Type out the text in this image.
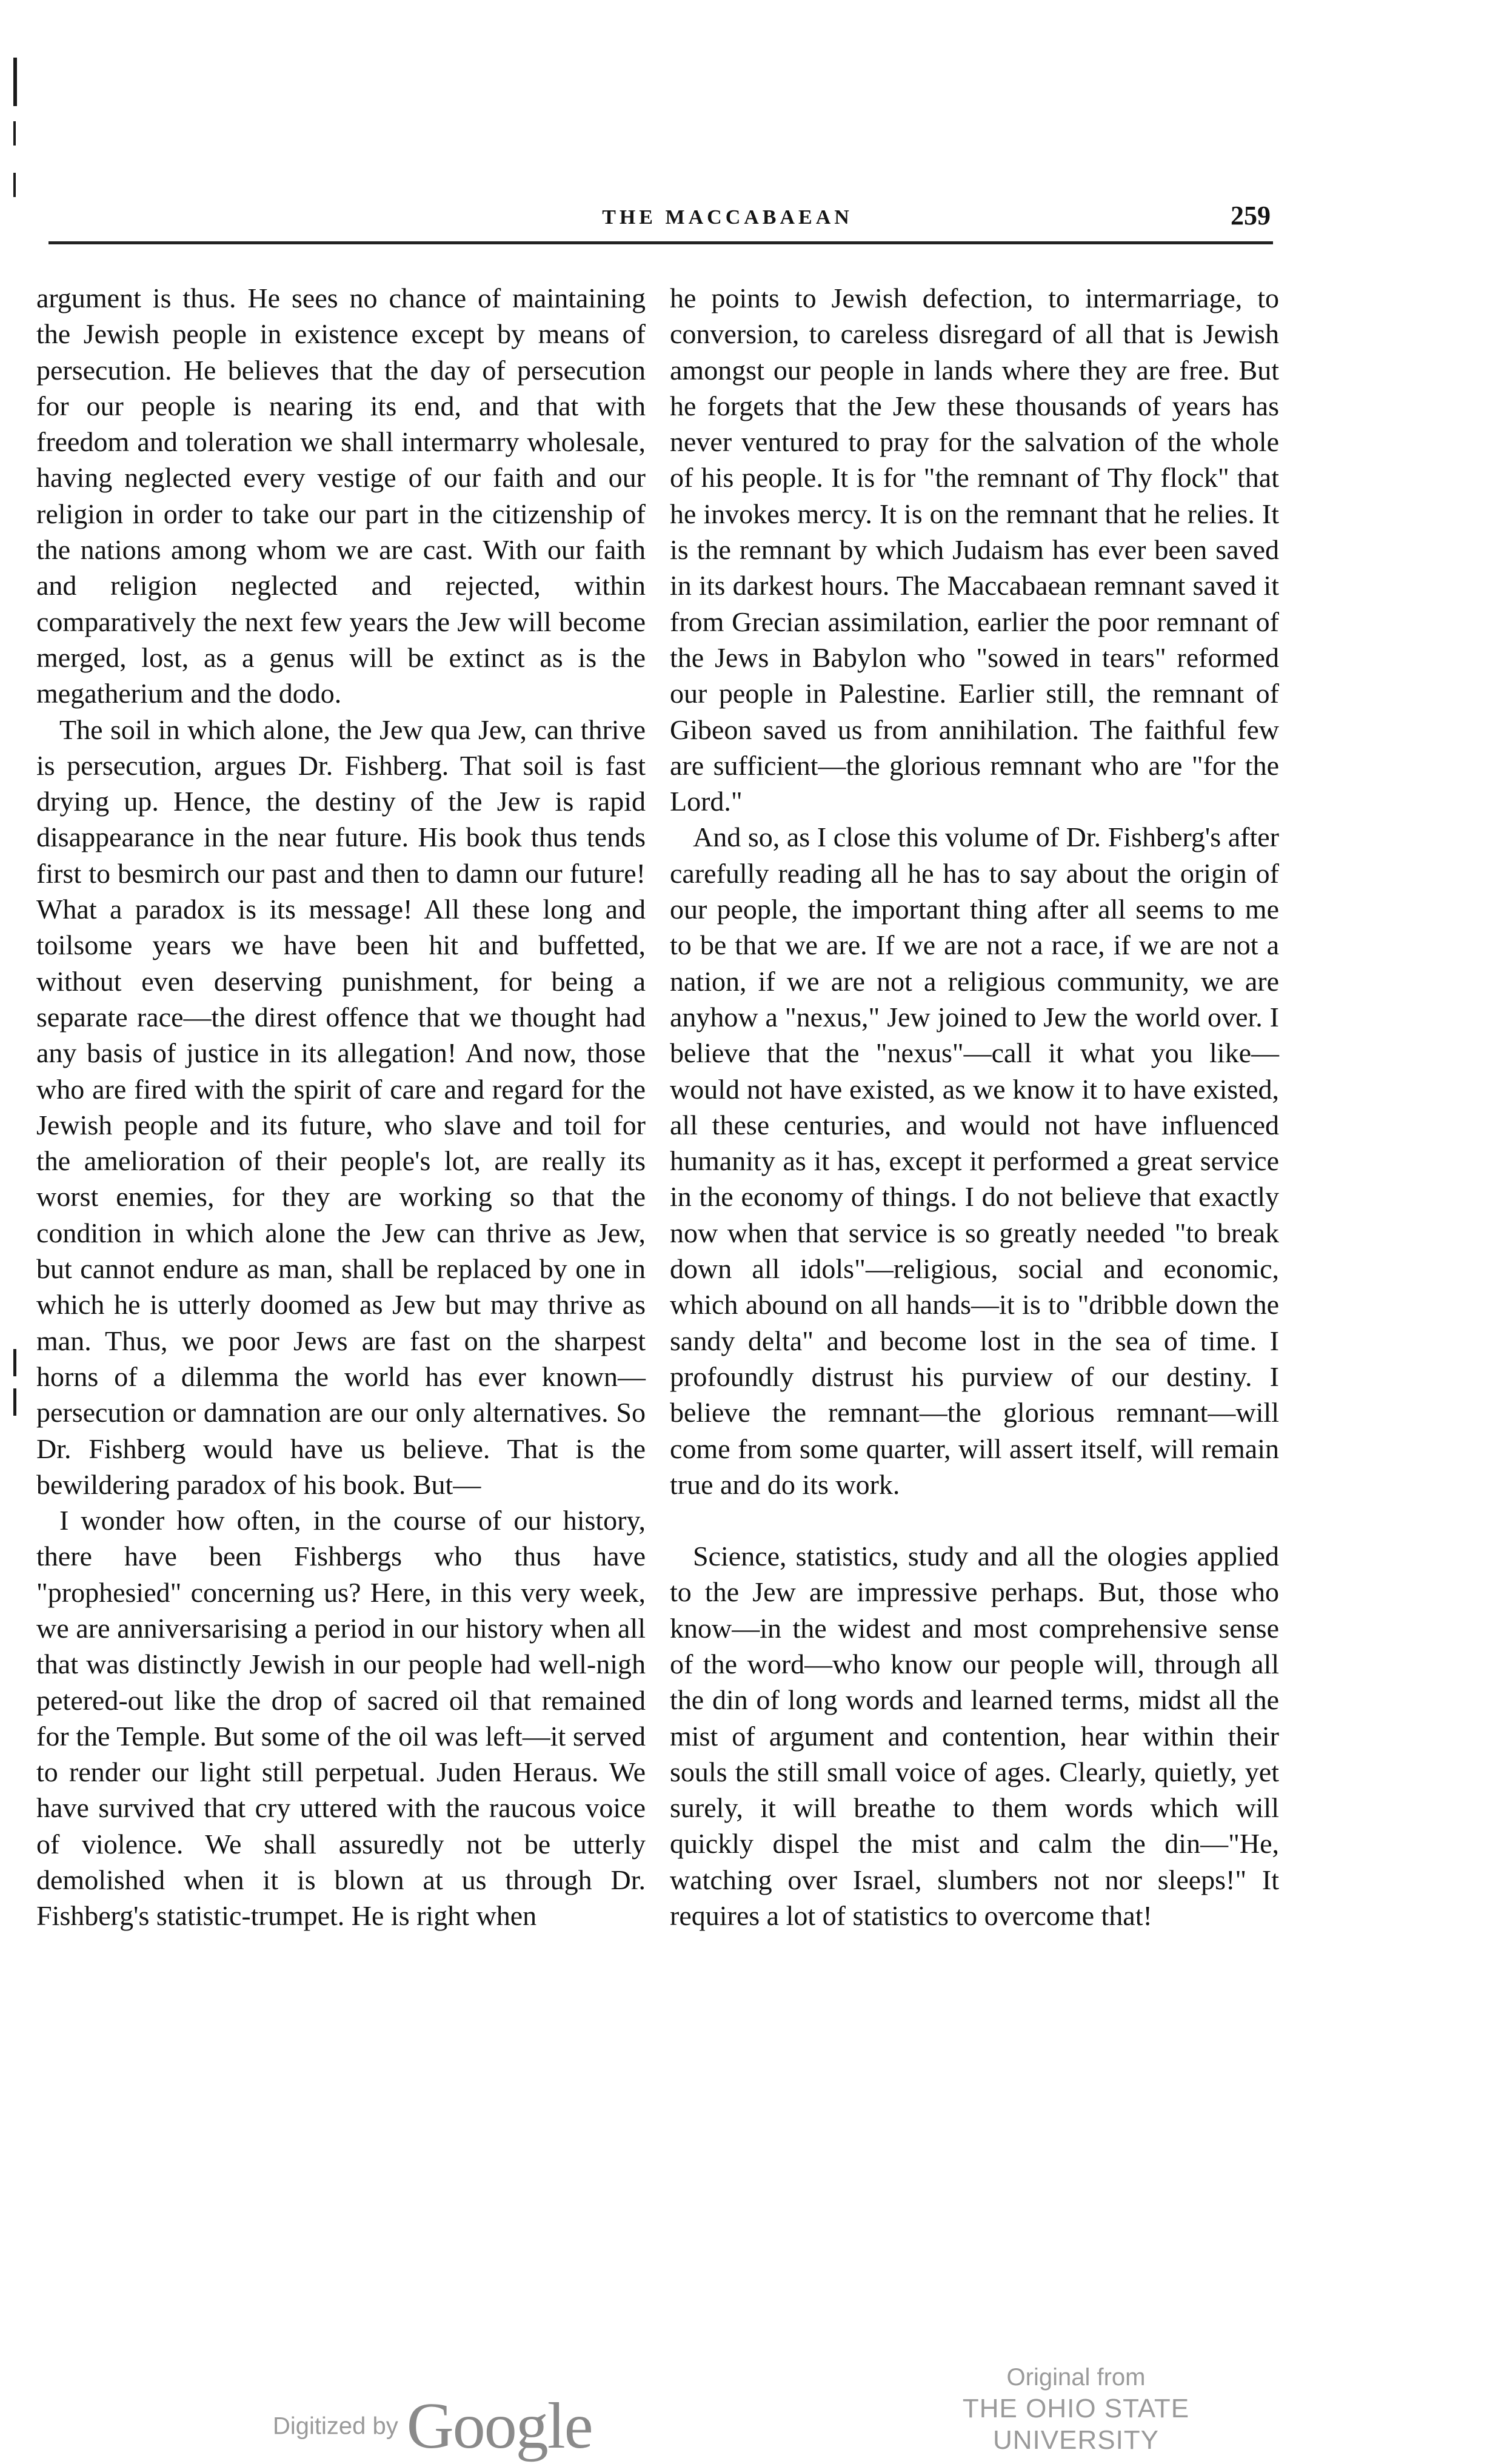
THE MACCABAEAN	259

argument is thus. He sees no chance of maintaining the Jewish people in existence except by means of persecution. He believes that the day of persecution for our people is nearing its end, and that with freedom and toleration we shall intermarry wholesale, having neglected every vestige of our faith and our religion in order to take our part in the citizenship of the nations among whom we are cast. With our faith and religion neglected and rejected, within comparatively the next few years the Jew will become merged, lost, as a genus will be extinct as is the megatherium and the dodo.

The soil in which alone, the Jew qua Jew, can thrive is persecution, argues Dr. Fishberg. That soil is fast drying up. Hence, the destiny of the Jew is rapid disappearance in the near future. His book thus tends first to besmirch our past and then to damn our future! What a paradox is its message! All these long and toilsome years we have been hit and buffetted, without even deserving punishment, for being a separate race—the direst offence that we thought had any basis of justice in its allegation! And now, those who are fired with the spirit of care and regard for the Jewish people and its future, who slave and toil for the amelioration of their people's lot, are really its worst enemies, for they are working so that the condition in which alone the Jew can thrive as Jew, but cannot endure as man, shall be replaced by one in which he is utterly doomed as Jew but may thrive as man. Thus, we poor Jews are fast on the sharpest horns of a dilemma the world has ever known—persecution or damnation are our only alternatives. So Dr. Fishberg would have us believe. That is the bewildering paradox of his book. But—

I wonder how often, in the course of our history, there have been Fishbergs who thus have "prophesied" concerning us? Here, in this very week, we are anniversarising a period in our history when all that was distinctly Jewish in our people had well-nigh petered-out like the drop of sacred oil that remained for the Temple. But some of the oil was left—it served to render our light still perpetual. Juden Heraus. We have survived that cry uttered with the raucous voice of violence. We shall assuredly not be utterly demolished when it is blown at us through Dr. Fishberg's statistic-trumpet. He is right when

he points to Jewish defection, to intermarriage, to conversion, to careless disregard of all that is Jewish amongst our people in lands where they are free. But he forgets that the Jew these thousands of years has never ventured to pray for the salvation of the whole of his people. It is for "the remnant of Thy flock" that he invokes mercy. It is on the remnant that he relies. It is the remnant by which Judaism has ever been saved in its darkest hours. The Maccabaean remnant saved it from Grecian assimilation, earlier the poor remnant of the Jews in Babylon who "sowed in tears" reformed our people in Palestine. Earlier still, the remnant of Gibeon saved us from annihilation. The faithful few are sufficient—the glorious remnant who are "for the Lord."

And so, as I close this volume of Dr. Fishberg's after carefully reading all he has to say about the origin of our people, the important thing after all seems to me to be that we are. If we are not a race, if we are not a nation, if we are not a religious community, we are anyhow a "nexus," Jew joined to Jew the world over. I believe that the "nexus"—call it what you like—would not have existed, as we know it to have existed, all these centuries, and would not have influenced humanity as it has, except it performed a great service in the economy of things. I do not believe that exactly now when that service is so greatly needed "to break down all idols"—religious, social and economic, which abound on all hands—it is to "dribble down the sandy delta" and become lost in the sea of time. I profoundly distrust his purview of our destiny. I believe the remnant—the glorious remnant—will come from some quarter, will assert itself, will remain true and do its work.

Science, statistics, study and all the ologies applied to the Jew are impressive perhaps. But, those who know—in the widest and most comprehensive sense of the word—who know our people will, through all the din of long words and learned terms, midst all the mist of argument and contention, hear within their souls the still small voice of ages. Clearly, quietly, yet surely, it will breathe to them words which will quickly dispel the mist and calm the din—"He, watching over Israel, slumbers not nor sleeps!" It requires a lot of statistics to overcome that!

Digitized by Google
Original from
THE OHIO STATE UNIVERSITY
